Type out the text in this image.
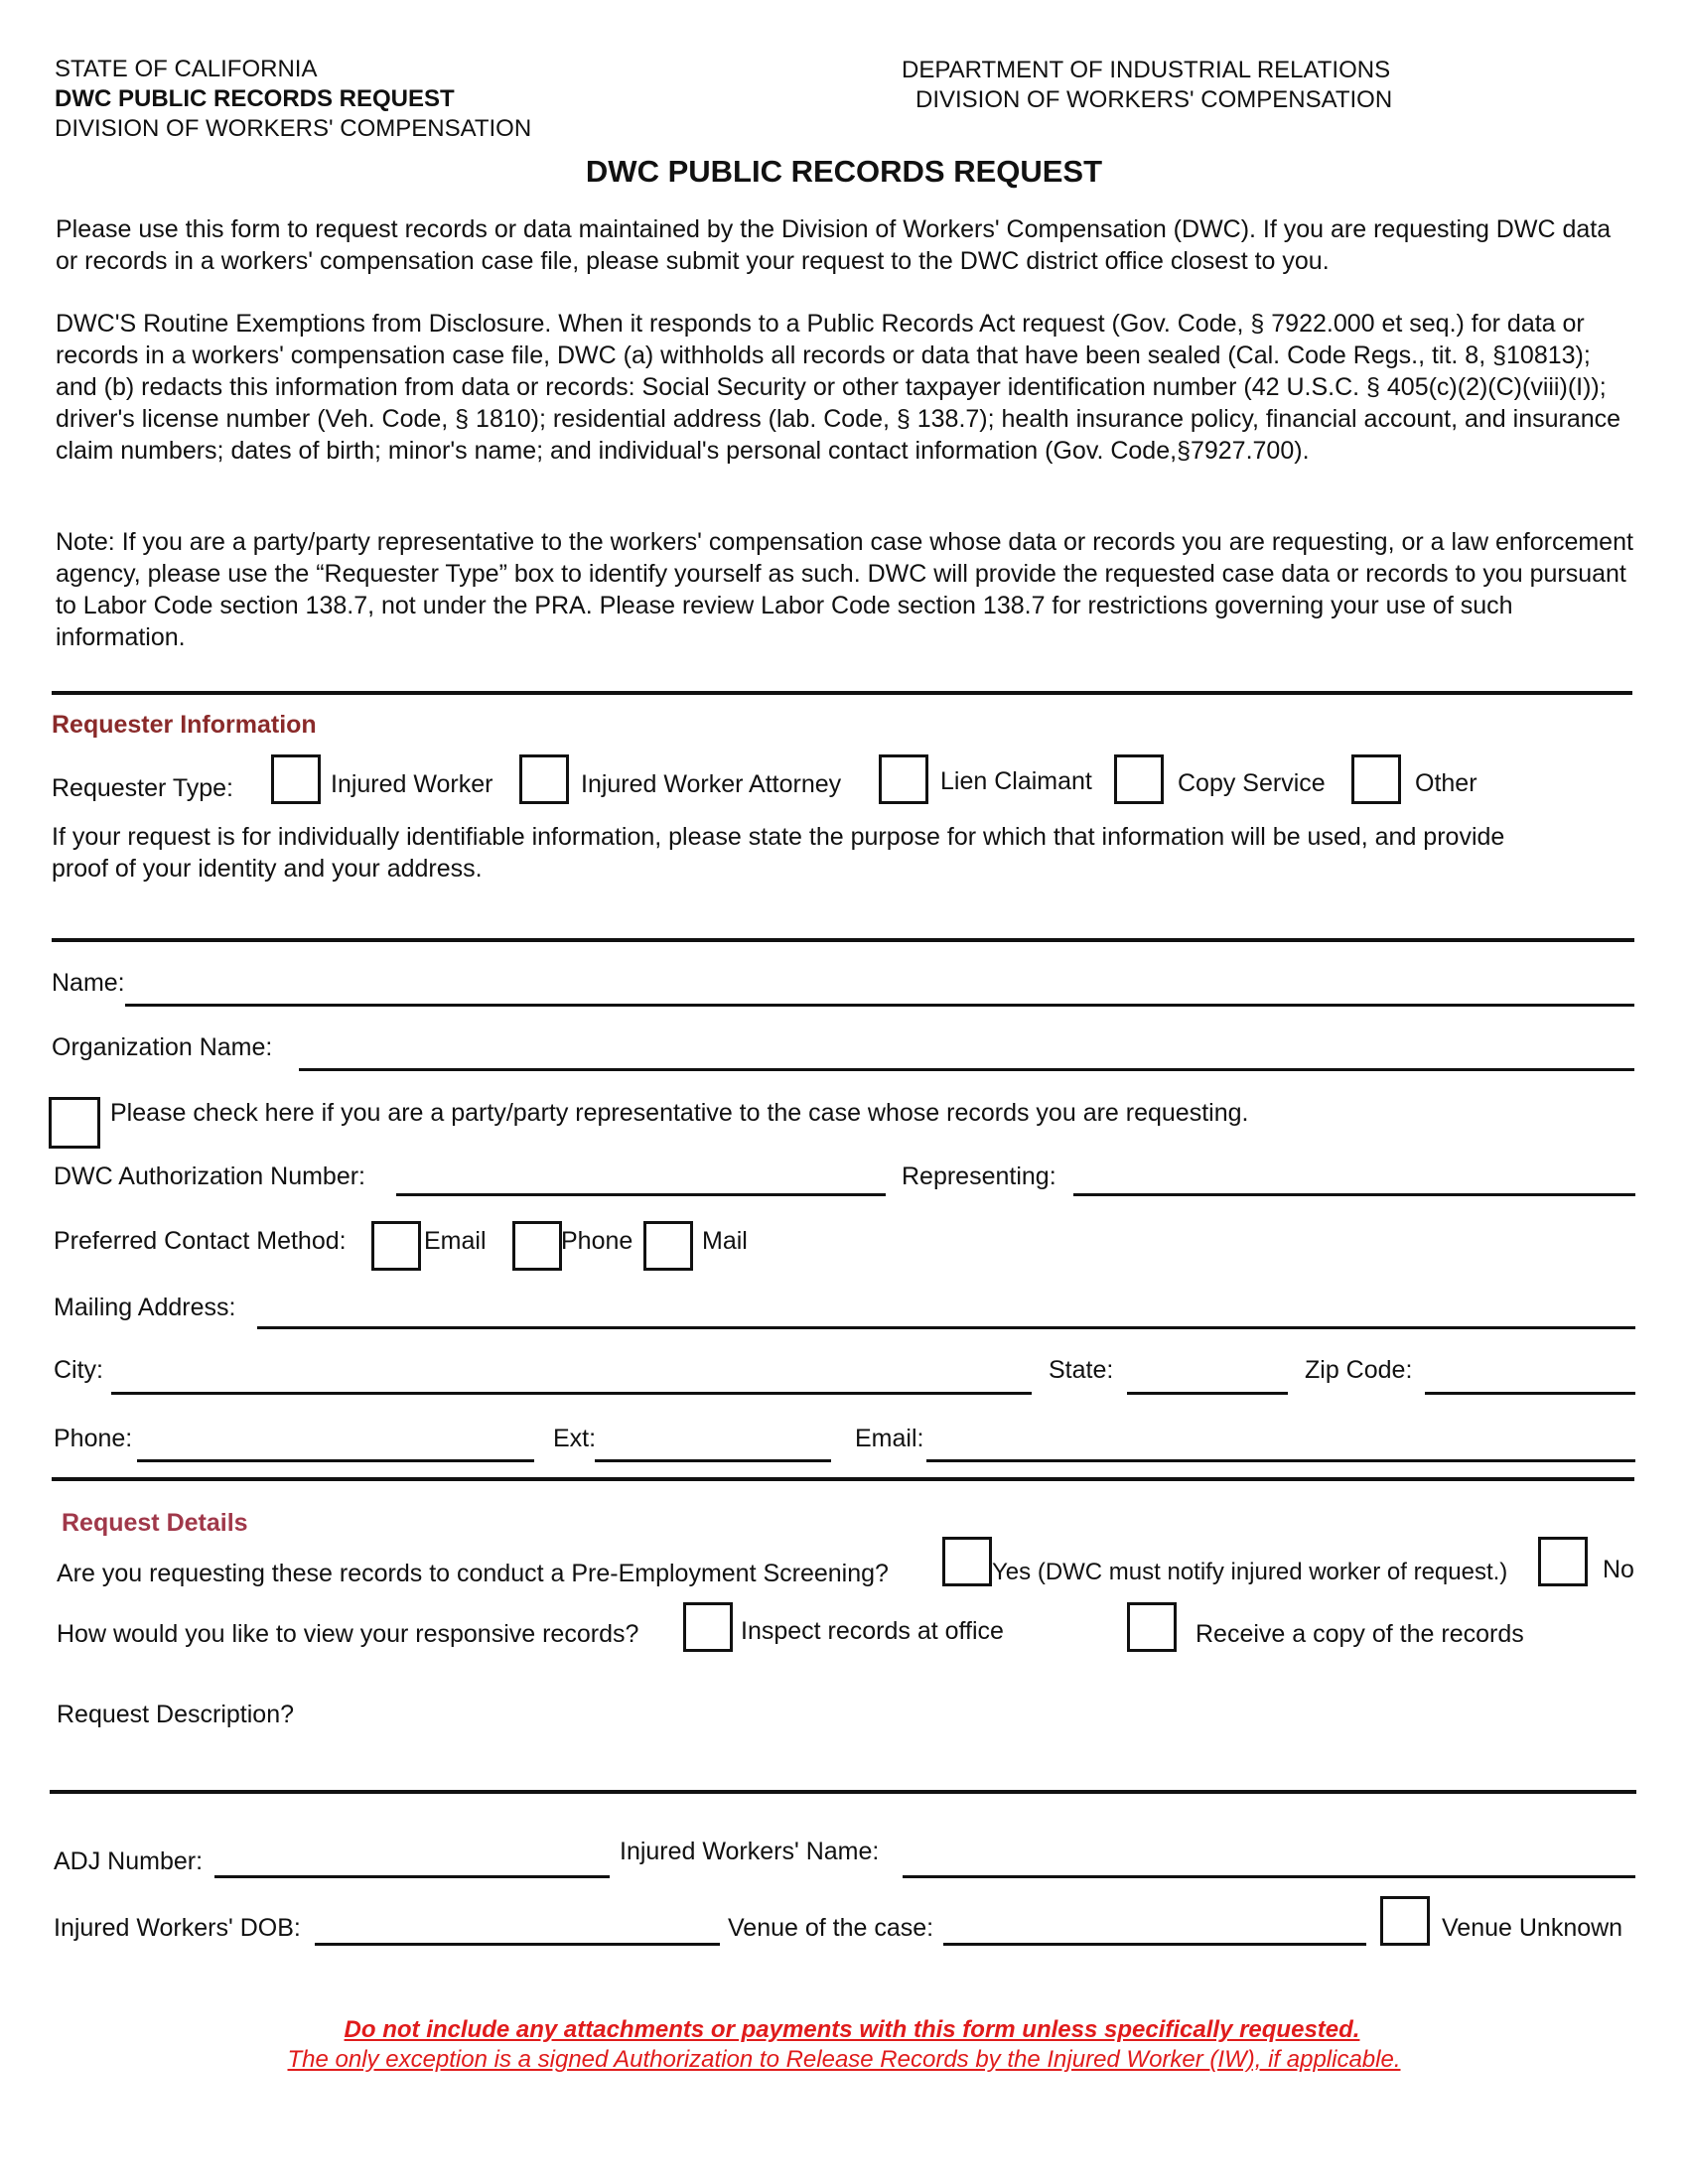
STATE OF CALIFORNIA
DWC PUBLIC RECORDS REQUEST
DIVISION OF WORKERS' COMPENSATION
DEPARTMENT OF INDUSTRIAL RELATIONS
DIVISION OF WORKERS' COMPENSATION
DWC PUBLIC RECORDS REQUEST
Please use this form to request records or data maintained by the Division of Workers' Compensation (DWC). If you are requesting DWC data or records in a workers' compensation case file, please submit your request to the DWC district office closest to you.
DWC'S Routine Exemptions from Disclosure. When it responds to a Public Records Act request (Gov. Code, § 7922.000 et seq.) for data or records in a workers' compensation case file, DWC (a) withholds all records or data that have been sealed (Cal. Code Regs., tit. 8, §10813); and (b) redacts this information from data or records: Social Security or other taxpayer identification number (42 U.S.C. § 405(c)(2)(C)(viii)(I)); driver's license number (Veh. Code, § 1810); residential address (lab. Code, § 138.7); health insurance policy, financial account, and insurance claim numbers; dates of birth; minor's name; and individual's personal contact information (Gov. Code,§7927.700).
Note: If you are a party/party representative to the workers' compensation case whose data or records you are requesting, or a law enforcement agency, please use the “Requester Type” box to identify yourself as such. DWC will provide the requested case data or records to you pursuant to Labor Code section 138.7, not under the PRA. Please review Labor Code section 138.7 for restrictions governing your use of such information.
Requester Information
Requester Type:	Injured Worker	Injured Worker Attorney	Lien Claimant	Copy Service	Other
If your request is for individually identifiable information, please state the purpose for which that information will be used, and provide proof of your identity and your address.
Name:
Organization Name:
Please check here if you are a party/party representative to the case whose records you are requesting.
DWC Authorization Number:	Representing:
Preferred Contact Method:	Email	Phone	Mail
Mailing Address:
City:	State:	Zip Code:
Phone:	Ext:	Email:
Request Details
Are you requesting these records to conduct a Pre-Employment Screening?	Yes (DWC must notify injured worker of request.)	No
How would you like to view your responsive records?	Inspect records at office	Receive a copy of the records
Request Description?
ADJ Number:	Injured Workers' Name:
Injured Workers' DOB:	Venue of the case:	Venue Unknown
Do not include any attachments or payments with this form unless specifically requested.
The only exception is a signed Authorization to Release Records by the Injured Worker (IW), if applicable.
